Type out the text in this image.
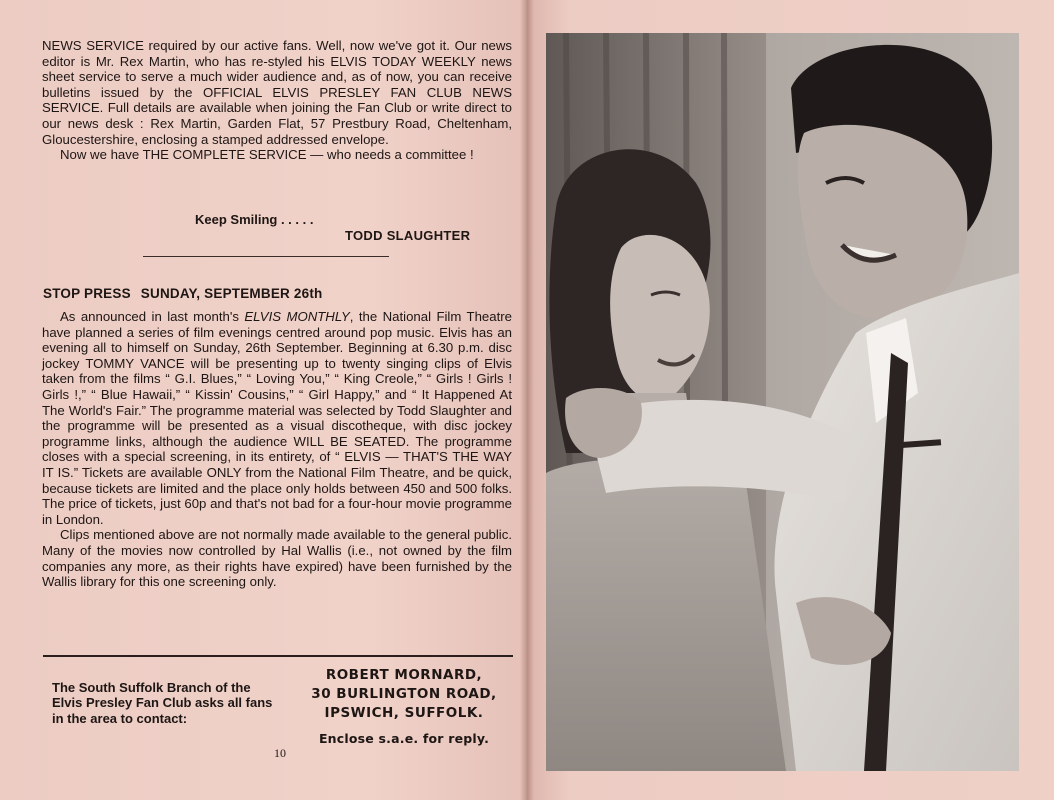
NEWS SERVICE required by our active fans. Well, now we've got it. Our news editor is Mr. Rex Martin, who has re-styled his ELVIS TODAY WEEKLY news sheet service to serve a much wider audience and, as of now, you can receive bulletins issued by the OFFICIAL ELVIS PRESLEY FAN CLUB NEWS SERVICE. Full details are available when joining the Fan Club or write direct to our news desk : Rex Martin, Garden Flat, 57 Prestbury Road, Cheltenham, Gloucestershire, enclosing a stamped addressed envelope.

Now we have THE COMPLETE SERVICE — who needs a committee !

Keep Smiling . . . . .
TODD SLAUGHTER
STOP PRESS SUNDAY, SEPTEMBER 26th

As announced in last month's ELVIS MONTHLY, the National Film Theatre have planned a series of film evenings centred around pop music. Elvis has an evening all to himself on Sunday, 26th September. Beginning at 6.30 p.m. disc jockey TOMMY VANCE will be presenting up to twenty singing clips of Elvis taken from the films “ G.I. Blues,” “ Loving You,” “ King Creole,” “ Girls ! Girls ! Girls !,” “ Blue Hawaii,” “ Kissin' Cousins,” “ Girl Happy,” and “ It Happened At The World's Fair.” The programme material was selected by Todd Slaughter and the programme will be presented as a visual discotheque, with disc jockey programme links, although the audience WILL BE SEATED. The programme closes with a special screening, in its entirety, of “ ELVIS — THAT'S THE WAY IT IS.” Tickets are available ONLY from the National Film Theatre, and be quick, because tickets are limited and the place only holds between 450 and 500 folks. The price of tickets, just 60p and that's not bad for a four-hour movie programme in London.

Clips mentioned above are not normally made available to the general public. Many of the movies now controlled by Hal Wallis (i.e., not owned by the film companies any more, as their rights have expired) have been furnished by the Wallis library for this one screening only.

The South Suffolk Branch of the Elvis Presley Fan Club asks all fans in the area to contact:
ROBERT MORNARD,
30 BURLINGTON ROAD,
IPSWICH, SUFFOLK.
Enclose s.a.e. for reply.
10
